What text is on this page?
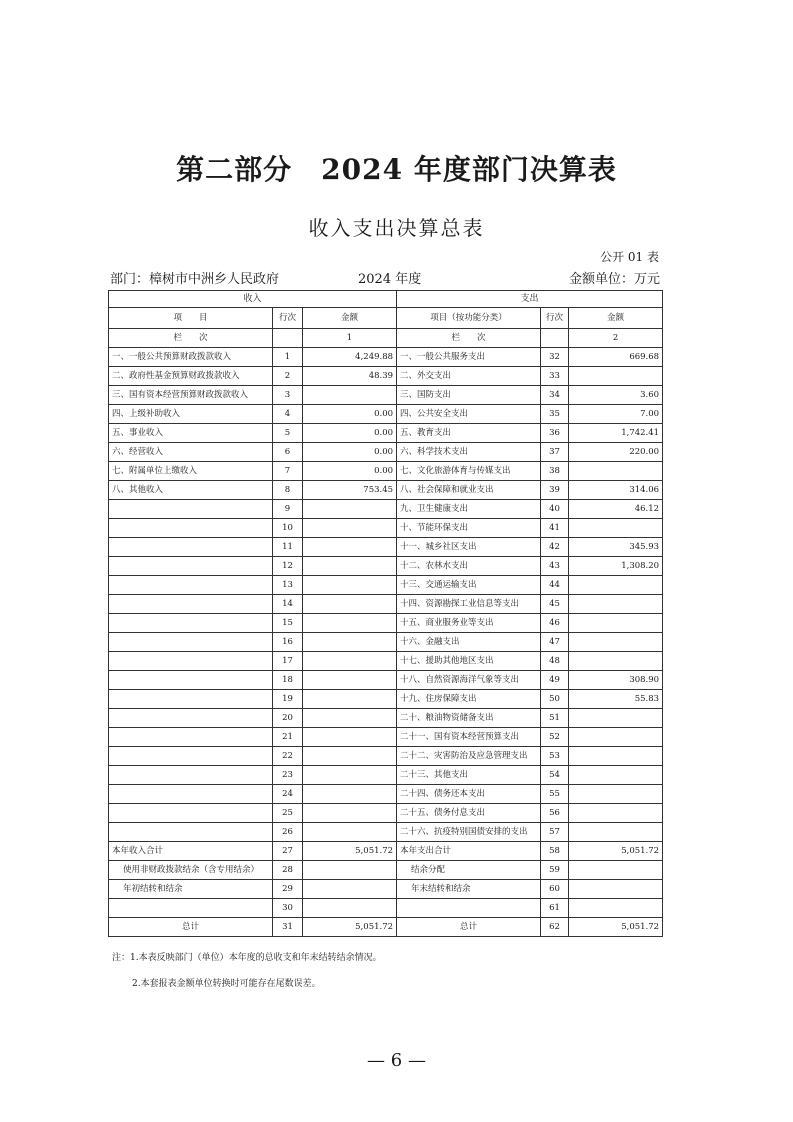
第二部分　2024 年度部门决算表
收入支出决算总表
公开 01 表
部门：樟树市中洲乡人民政府	2024 年度	金额单位：万元
收入			支出		
项　　目	行次	金额	项目（按功能分类）	行次	金额
栏　　次		1	栏　　次		2
一、一般公共预算财政拨款收入	1	4,249.88	一、一般公共服务支出	32	669.68
二、政府性基金预算财政拨款收入	2	48.39	二、外交支出	33	
三、国有资本经营预算财政拨款收入	3		三、国防支出	34	3.60
四、上级补助收入	4	0.00	四、公共安全支出	35	7.00
五、事业收入	5	0.00	五、教育支出	36	1,742.41
六、经营收入	6	0.00	六、科学技术支出	37	220.00
七、附属单位上缴收入	7	0.00	七、文化旅游体育与传媒支出	38	
八、其他收入	8	753.45	八、社会保障和就业支出	39	314.06
	9		九、卫生健康支出	40	46.12
	10		十、节能环保支出	41	
	11		十一、城乡社区支出	42	345.93
	12		十二、农林水支出	43	1,308.20
	13		十三、交通运输支出	44	
	14		十四、资源勘探工业信息等支出	45	
	15		十五、商业服务业等支出	46	
	16		十六、金融支出	47	
	17		十七、援助其他地区支出	48	
	18		十八、自然资源海洋气象等支出	49	308.90
	19		十九、住房保障支出	50	55.83
	20		二十、粮油物资储备支出	51	
	21		二十一、国有资本经营预算支出	52	
	22		二十二、灾害防治及应急管理支出	53	
	23		二十三、其他支出	54	
	24		二十四、债务还本支出	55	
	25		二十五、债务付息支出	56	
	26		二十六、抗疫特别国债安排的支出	57	
本年收入合计	27	5,051.72	本年支出合计	58	5,051.72
使用非财政拨款结余（含专用结余）	28		结余分配	59	
年初结转和结余	29		年末结转和结余	60	
	30			61	
总计	31	5,051.72	总计	62	5,051.72
注：1.本表反映部门（单位）本年度的总收支和年末结转结余情况。
2.本套报表金额单位转换时可能存在尾数误差。
— 6 —
